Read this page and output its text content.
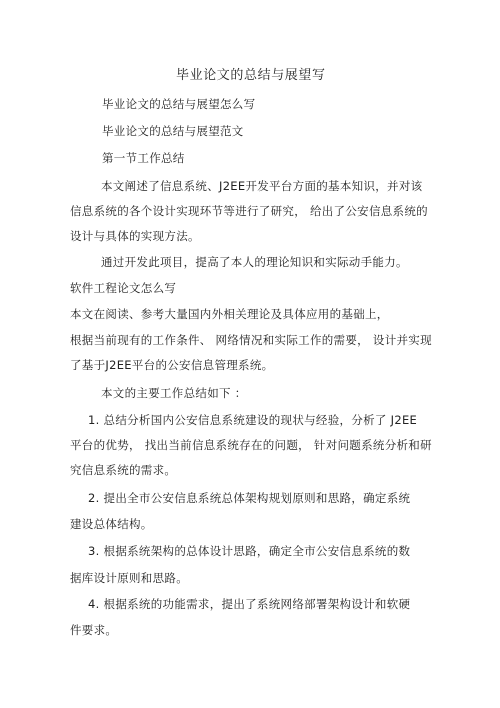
毕业论文的总结与展望写
毕业论文的总结与展望怎么写
毕业论文的总结与展望范文
第一节工作总结
本文阐述了信息系统、J2EE开发平台方面的基本知识，并对该
信息系统的各个设计实现环节等进行了研究， 给出了公安信息系统的
设计与具体的实现方法。
通过开发此项目，提高了本人的理论知识和实际动手能力。
软件工程论文怎么写
本文在阅读、参考大量国内外相关理论及具体应用的基础上，
根据当前现有的工作条件、 网络情况和实际工作的需要， 设计并实现
了基于J2EE平台的公安信息管理系统。
本文的主要工作总结如下 ：
1. 总结分析国内公安信息系统建设的现状与经验，分析了 J2EE
平台的优势， 找出当前信息系统存在的问题， 针对问题系统分析和研
究信息系统的需求。
2. 提出全市公安信息系统总体架构规划原则和思路，确定系统
建设总体结构。
3. 根据系统架构的总体设计思路，确定全市公安信息系统的数
据库设计原则和思路。
4. 根据系统的功能需求，提出了系统网络部署架构设计和软硬
件要求。
